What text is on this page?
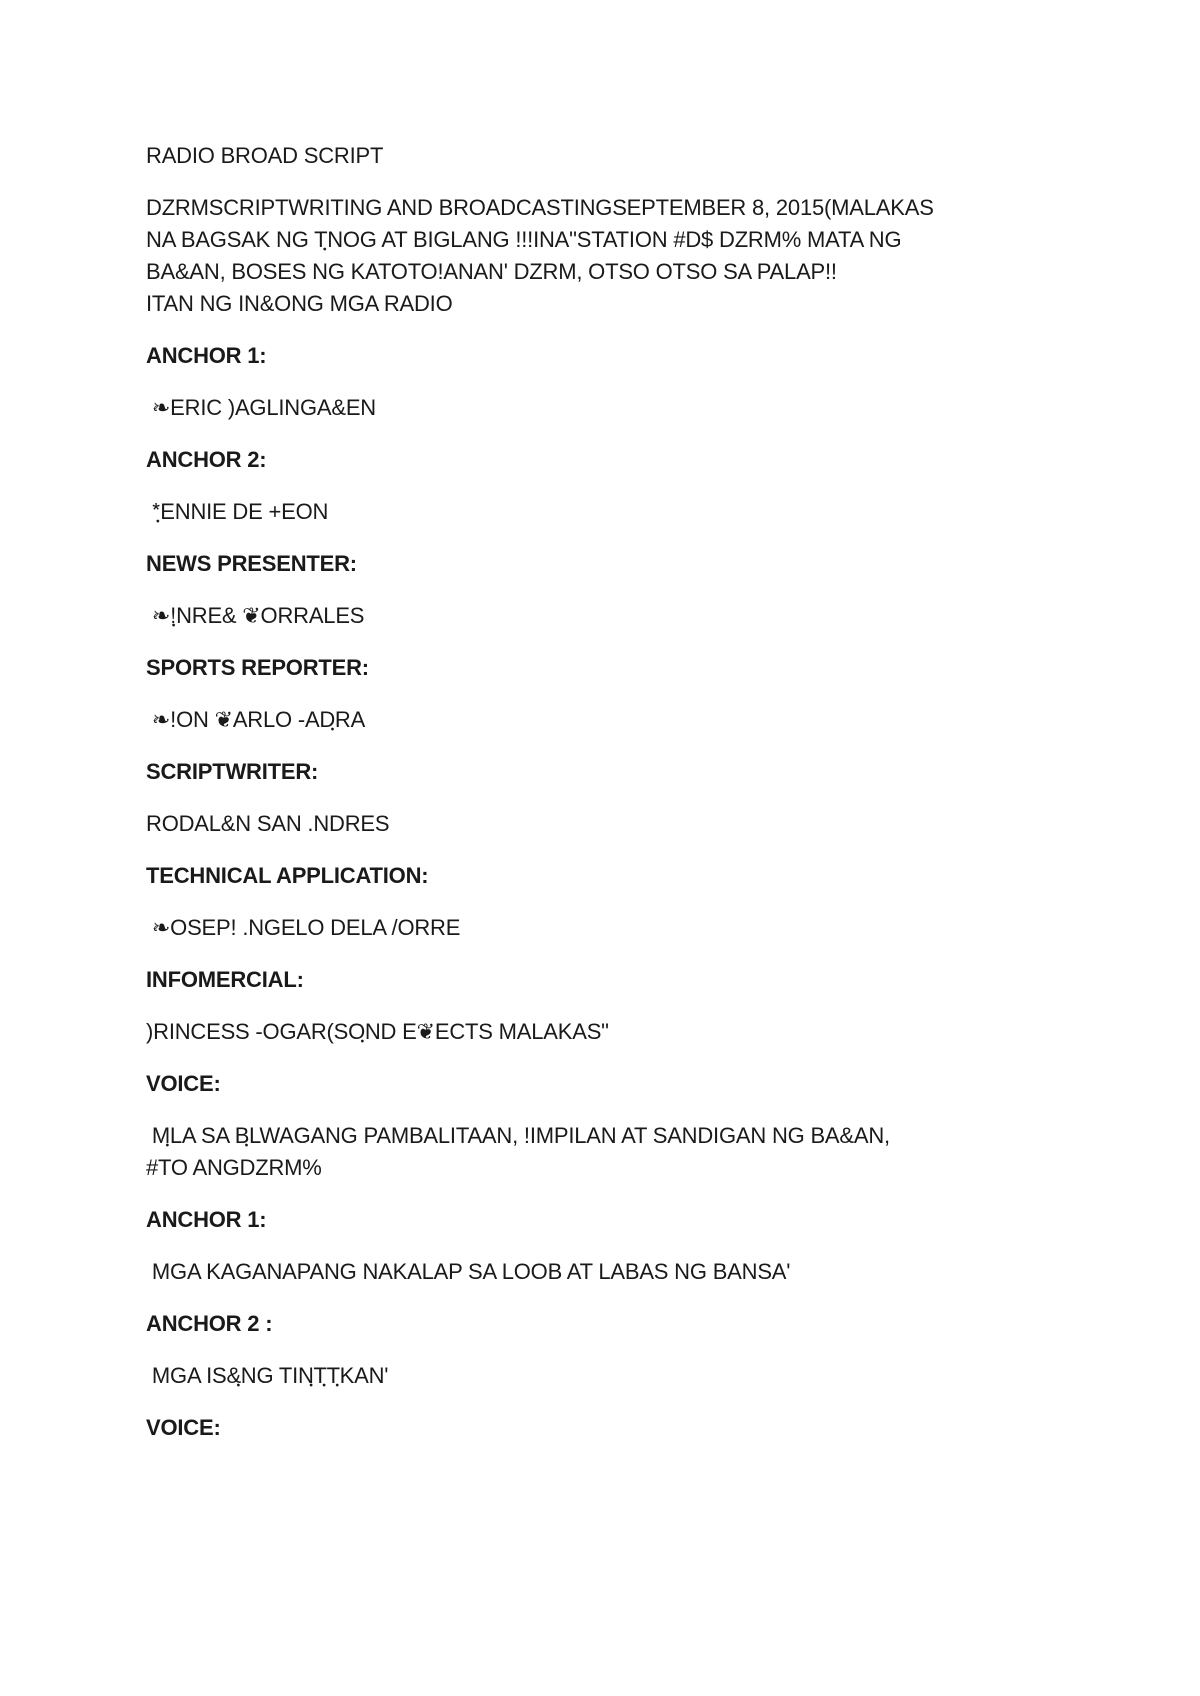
RADIO BROAD SCRIPT
DZRMSCRIPTWRITING AND BROADCASTINGSEPTEMBER 8, 2015(MALAKAS
NA BAGSAK NG TฺNOG AT BIGLANG !!!INA"STATION #D$ DZRM% MATA NG
BA&AN, BOSES NG KATOTO!ANAN' DZRM, OTSO OTSO SA PALAP!!
ITAN NG IN&ONG MGA RADIO
ANCHOR 1:
❧ERIC )AGLINGA&EN
ANCHOR 2:
*ฺENNIE DE +EON
NEWS PRESENTER:
❧!ฺNRE& ❦ORRALES
SPORTS REPORTER:
❧!ON ❦ARLO -ADฺRA
SCRIPTWRITER:
RODAL&N SAN .NDRES
TECHNICAL APPLICATION:
❧OSEP! .NGELO DELA /ORRE
INFOMERCIAL:
)RINCESS -OGAR(SOฺND E❦ECTS MALAKAS"
VOICE:
MฺLA SA BฺLWAGANG PAMBALITAAN, !IMPILAN AT SANDIGAN NG BA&AN,
#TO ANGDZRM%
ANCHOR 1:
MGA KAGANAPANG NAKALAP SA LOOB AT LABAS NG BANSA'
ANCHOR 2 :
MGA IS&ฺNG TINฺTฺTฺKAN'
VOICE:
